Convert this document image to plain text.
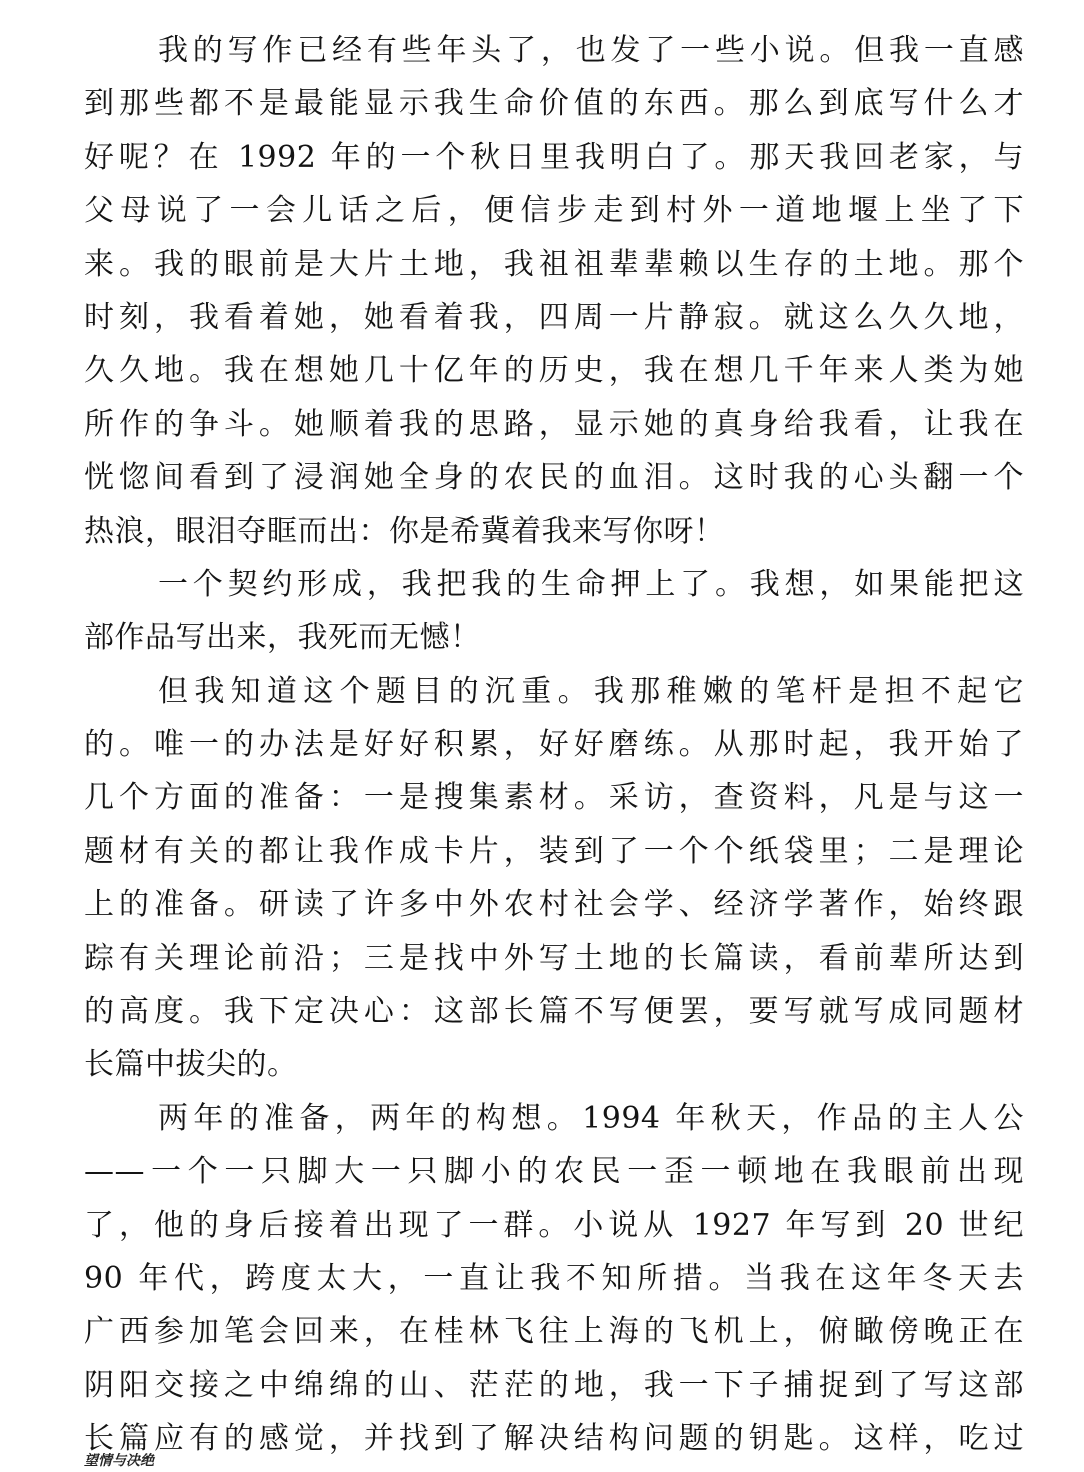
我的写作已经有些年头了，也发了一些小说。但我一直感
到那些都不是最能显示我生命价值的东西。那么到底写什么才
好呢？在 1992 年的一个秋日里我明白了。那天我回老家，与
父母说了一会儿话之后，便信步走到村外一道地堰上坐了下
来。我的眼前是大片土地，我祖祖辈辈赖以生存的土地。那个
时刻，我看着她，她看着我，四周一片静寂。就这么久久地，
久久地。我在想她几十亿年的历史，我在想几千年来人类为她
所作的争斗。她顺着我的思路，显示她的真身给我看，让我在
恍惚间看到了浸润她全身的农民的血泪。这时我的心头翻一个
热浪，眼泪夺眶而出：你是希冀着我来写你呀！
一个契约形成，我把我的生命押上了。我想，如果能把这
部作品写出来，我死而无憾！
但我知道这个题目的沉重。我那稚嫩的笔杆是担不起它
的。唯一的办法是好好积累，好好磨练。从那时起，我开始了
几个方面的准备：一是搜集素材。采访，查资料，凡是与这一
题材有关的都让我作成卡片，装到了一个个纸袋里；二是理论
上的准备。研读了许多中外农村社会学、经济学著作，始终跟
踪有关理论前沿；三是找中外写土地的长篇读，看前辈所达到
的高度。我下定决心：这部长篇不写便罢，要写就写成同题材
长篇中拔尖的。
两年的准备，两年的构想。1994 年秋天，作品的主人公
——一个一只脚大一只脚小的农民一歪一顿地在我眼前出现
了，他的身后接着出现了一群。小说从 1927 年写到 20 世纪
90 年代，跨度太大，一直让我不知所措。当我在这年冬天去
广西参加笔会回来，在桂林飞往上海的飞机上，俯瞰傍晚正在
阴阳交接之中绵绵的山、茫茫的地，我一下子捕捉到了写这部
长篇应有的感觉，并找到了解决结构问题的钥匙。这样，吃过
望情与决绝
